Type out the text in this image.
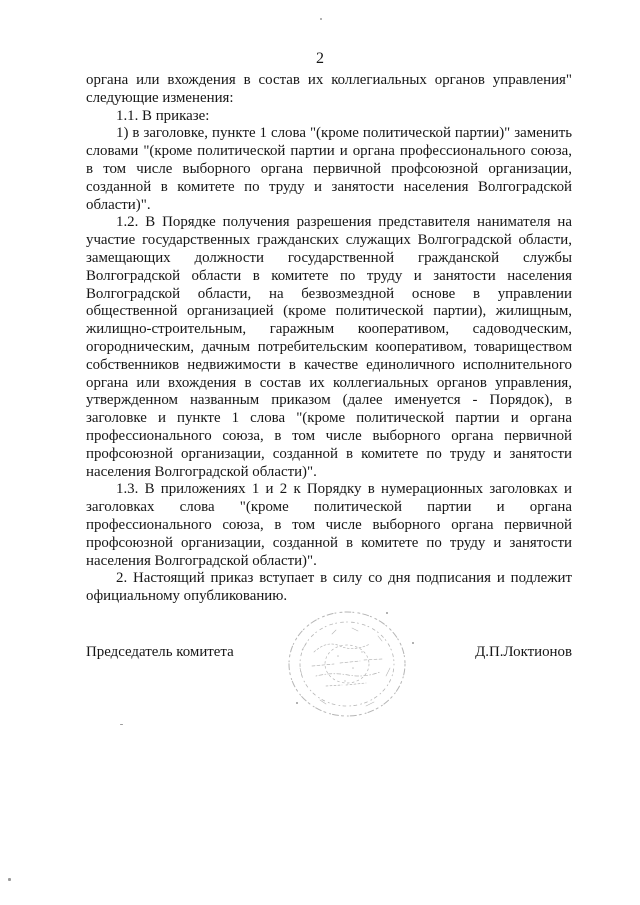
2

органа или вхождения в состав их коллегиальных органов управления" следующие изменения:

1.1. В приказе:

1) в заголовке, пункте 1 слова "(кроме политической партии)" заменить словами "(кроме политической партии и органа профессионального союза, в том числе выборного органа первичной профсоюзной организации, созданной в комитете по труду и занятости населения Волгоградской области)".

1.2. В Порядке получения разрешения представителя нанимателя на участие государственных гражданских служащих Волгоградской области, замещающих должности государственной гражданской службы Волгоградской области в комитете по труду и занятости населения Волгоградской области, на безвозмездной основе в управлении общественной организацией (кроме политической партии), жилищным, жилищно-строительным, гаражным кооперативом, садоводческим, огородническим, дачным потребительским кооперативом, товариществом собственников недвижимости в качестве единоличного исполнительного органа или вхождения в состав их коллегиальных органов управления, утвержденном названным приказом (далее именуется - Порядок), в заголовке и пункте 1 слова "(кроме политической партии и органа профессионального союза, в том числе выборного органа первичной профсоюзной организации, созданной в комитете по труду и занятости населения Волгоградской области)".

1.3. В приложениях 1 и 2 к Порядку в нумерационных заголовках и заголовках слова "(кроме политической партии и органа профессионального союза, в том числе выборного органа первичной профсоюзной организации, созданной в комитете по труду и занятости населения Волгоградской области)".

2. Настоящий приказ вступает в силу со дня подписания и подлежит официальному опубликованию.

Председатель комитета	Д.П.Локтионов
